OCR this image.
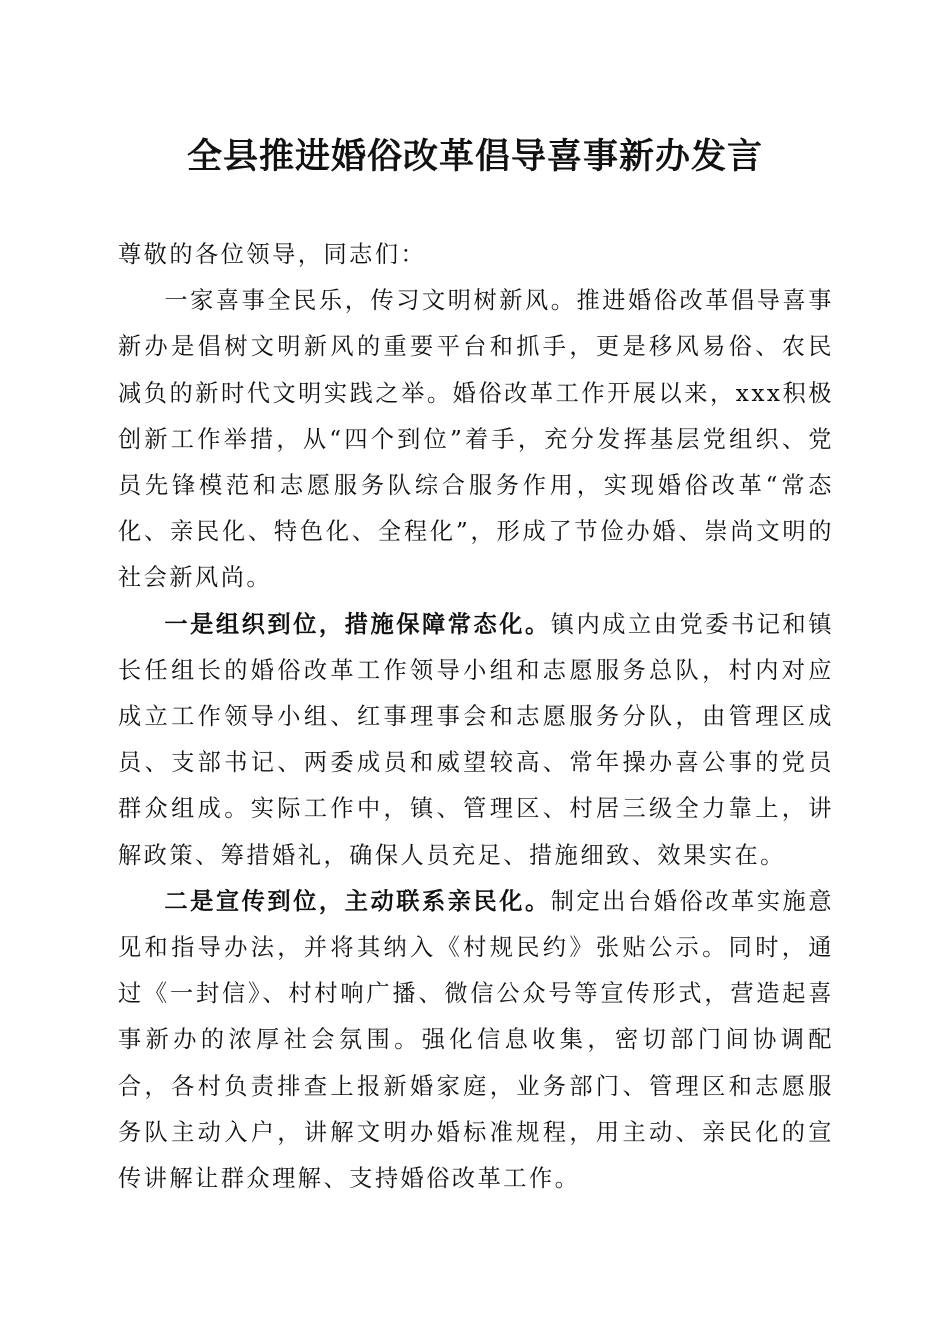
全县推进婚俗改革倡导喜事新办发言

尊敬的各位领导，同志们：

一家喜事全民乐，传习文明树新风。推进婚俗改革倡导喜事新办是倡树文明新风的重要平台和抓手，更是移风易俗、农民减负的新时代文明实践之举。婚俗改革工作开展以来，xxx积极创新工作举措，从“四个到位”着手，充分发挥基层党组织、党员先锋模范和志愿服务队综合服务作用，实现婚俗改革“常态化、亲民化、特色化、全程化”，形成了节俭办婚、崇尚文明的社会新风尚。

一是组织到位，措施保障常态化。镇内成立由党委书记和镇长任组长的婚俗改革工作领导小组和志愿服务总队，村内对应成立工作领导小组、红事理事会和志愿服务分队，由管理区成员、支部书记、两委成员和威望较高、常年操办喜公事的党员群众组成。实际工作中，镇、管理区、村居三级全力靠上，讲解政策、筹措婚礼，确保人员充足、措施细致、效果实在。

二是宣传到位，主动联系亲民化。制定出台婚俗改革实施意见和指导办法，并将其纳入《村规民约》张贴公示。同时，通过《一封信》、村村响广播、微信公众号等宣传形式，营造起喜事新办的浓厚社会氛围。强化信息收集，密切部门间协调配合，各村负责排查上报新婚家庭，业务部门、管理区和志愿服务队主动入户，讲解文明办婚标准规程，用主动、亲民化的宣传讲解让群众理解、支持婚俗改革工作。
